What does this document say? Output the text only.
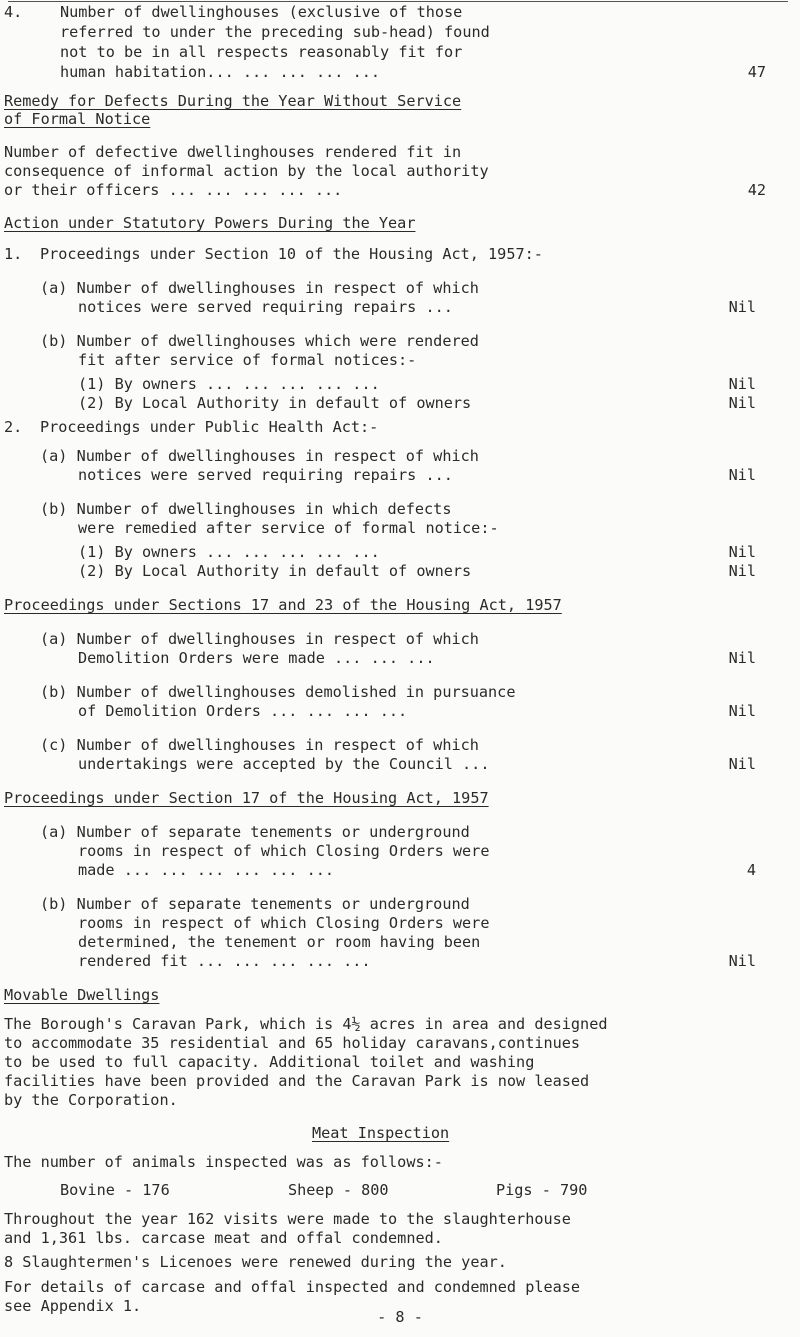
4. Number of dwellinghouses (exclusive of those
referred to under the preceding sub-head) found
not to be in all respects reasonably fit for
human habitation... ... ... ... ...	47
Remedy for Defects During the Year Without Service
of Formal Notice
Number of defective dwellinghouses rendered fit in
consequence of informal action by the local authority
or their officers ... ... ... ... ...	42
Action under Statutory Powers During the Year
1. Proceedings under Section 10 of the Housing Act, 1957:-
(a) Number of dwellinghouses in respect of which
notices were served requiring repairs ...	Nil
(b) Number of dwellinghouses which were rendered
fit after service of formal notices:-
(1) By owners ... ... ... ... ...	Nil
(2) By Local Authority in default of owners	Nil
2. Proceedings under Public Health Act:-
(a) Number of dwellinghouses in respect of which
notices were served requiring repairs ...	Nil
(b) Number of dwellinghouses in which defects
were remedied after service of formal notice:-
(1) By owners ... ... ... ... ...	Nil
(2) By Local Authority in default of owners	Nil
Proceedings under Sections 17 and 23 of the Housing Act, 1957
(a) Number of dwellinghouses in respect of which
Demolition Orders were made ... ... ...	Nil
(b) Number of dwellinghouses demolished in pursuance
of Demolition Orders ... ... ... ...	Nil
(c) Number of dwellinghouses in respect of which
undertakings were accepted by the Council ...	Nil
Proceedings under Section 17 of the Housing Act, 1957
(a) Number of separate tenements or underground
rooms in respect of which Closing Orders were
made ... ... ... ... ... ...	4
(b) Number of separate tenements or underground
rooms in respect of which Closing Orders were
determined, the tenement or room having been
rendered fit ... ... ... ... ...	Nil
Movable Dwellings
The Borough's Caravan Park, which is 4½ acres in area and designed
to accommodate 35 residential and 65 holiday caravans,continues
to be used to full capacity. Additional toilet and washing
facilities have been provided and the Caravan Park is now leased
by the Corporation.
Meat Inspection
The number of animals inspected was as follows:-
Bovine - 176	Sheep - 800	Pigs - 790
Throughout the year 162 visits were made to the slaughterhouse
and 1,361 lbs. carcase meat and offal condemned.
8 Slaughtermen's Licenoes were renewed during the year.
For details of carcase and offal inspected and condemned please
see Appendix 1.
- 8 -
